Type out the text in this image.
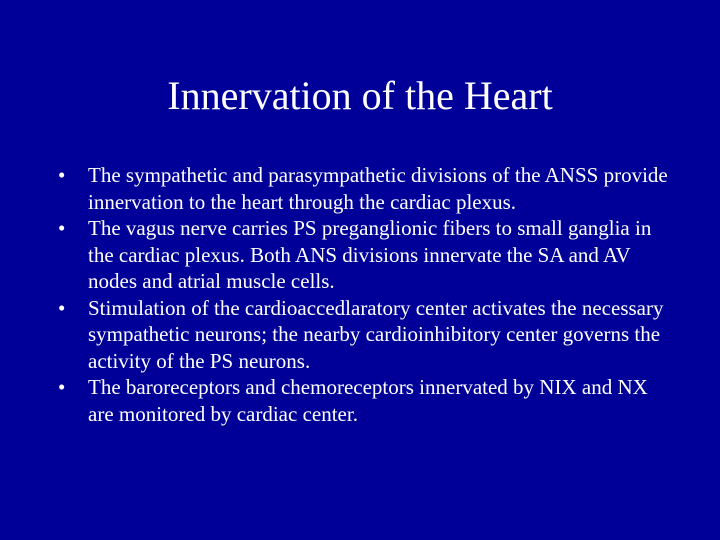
Innervation of the Heart
• The sympathetic and parasympathetic divisions of the ANSS provide innervation to the heart through the cardiac plexus.
• The vagus nerve carries PS preganglionic fibers to small ganglia in the cardiac plexus. Both ANS divisions innervate the SA and AV nodes and atrial muscle cells.
• Stimulation of the cardioaccedlaratory center activates the necessary sympathetic neurons; the nearby cardioinhibitory center governs the activity of the PS neurons.
• The baroreceptors and chemoreceptors innervated by NIX and NX are monitored by cardiac center.
